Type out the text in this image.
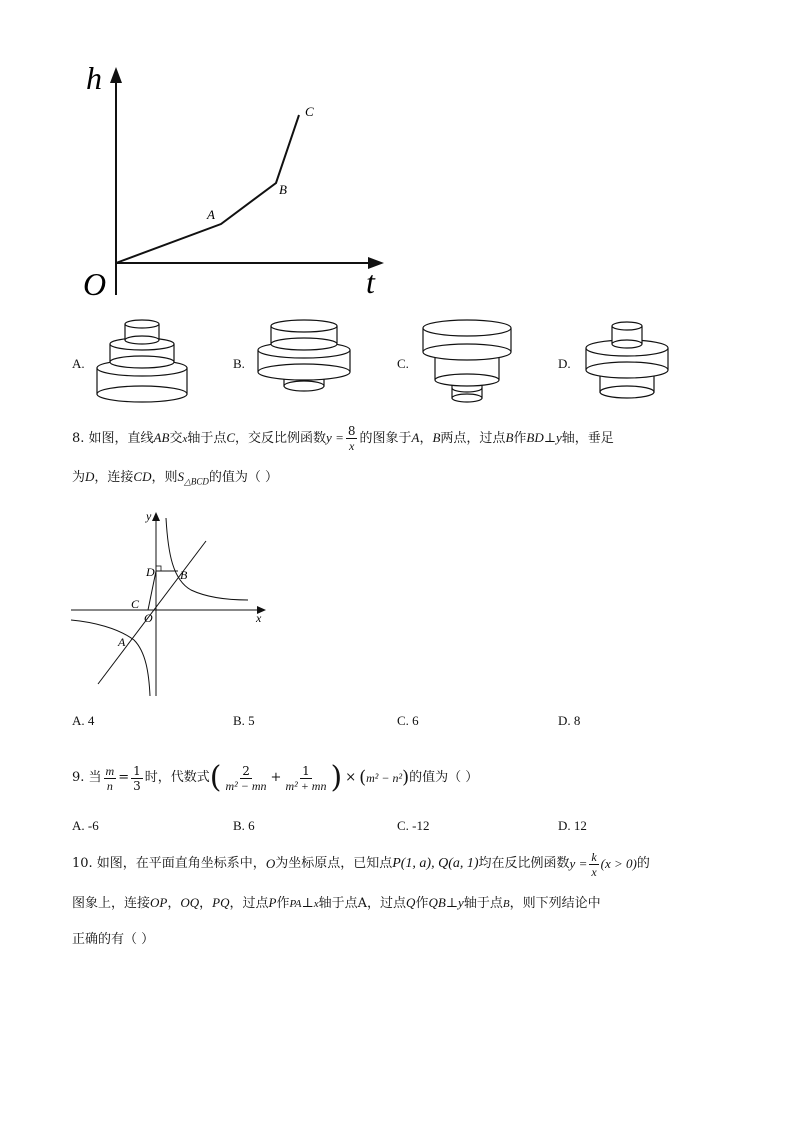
h
t
O
A
B
C
A.	B.	C.	D.
8. 如图，直线AB交x轴于点C，交反比例函数$y = \frac{8}{x}$ 的图象于A，B两点，过点B作BD⊥y轴，垂足
为D，连接CD，则$S_{\triangle BCD}$的值为（ ）
y
x
O
A
B
C
D
A. 4	B. 5	C. 6	D. 8
9. 当 $\frac{m}{n} = \frac{1}{3}$ 时，代数式 ( $\frac{2}{\text{m² − mn}} + \frac{1}{\text{m² + mn}}$ ) × ( m² − n² ) 的值为（ ）
A. -6	B. 6	C. -12	D. 12
10. 如图，在平面直角坐标系中， O 为坐标原点，已知点 P(1, a), Q(a, 1) 均在反比例函数 $y = \frac{k}{x} (x > 0)$ 的
图象上，连接OP，OQ，PQ，过点P作PA⊥x轴于点A，过点Q作QB⊥y轴于点B，则下列结论中
正确的有（ ）
